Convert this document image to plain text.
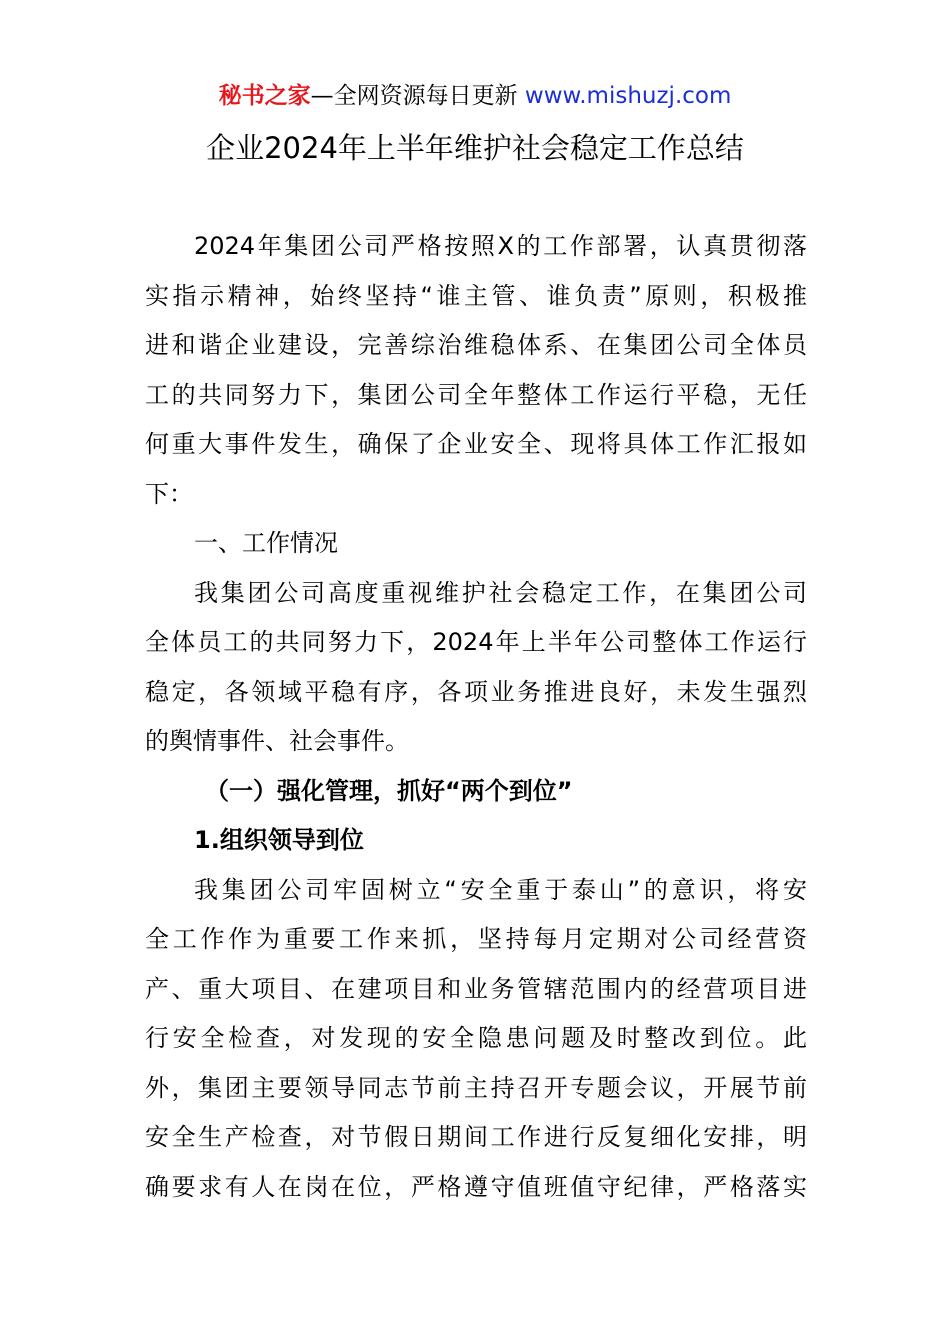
秘书之家—全网资源每日更新 www.mishuzj.com
企业2024年上半年维护社会稳定工作总结
2024年集团公司严格按照X的工作部署，认真贯彻落
实指示精神，始终坚持“谁主管、谁负责”原则，积极推
进和谐企业建设，完善综治维稳体系、在集团公司全体员
工的共同努力下，集团公司全年整体工作运行平稳，无任
何重大事件发生，确保了企业安全、现将具体工作汇报如
下：
一、工作情况
我集团公司高度重视维护社会稳定工作，在集团公司
全体员工的共同努力下，2024年上半年公司整体工作运行
稳定，各领域平稳有序，各项业务推进良好，未发生强烈
的舆情事件、社会事件。
（一）强化管理，抓好“两个到位”
1.组织领导到位
我集团公司牢固树立“安全重于泰山”的意识，将安
全工作作为重要工作来抓，坚持每月定期对公司经营资
产、重大项目、在建项目和业务管辖范围内的经营项目进
行安全检查，对发现的安全隐患问题及时整改到位。此
外，集团主要领导同志节前主持召开专题会议，开展节前
安全生产检查，对节假日期间工作进行反复细化安排，明
确要求有人在岗在位，严格遵守值班值守纪律，严格落实
